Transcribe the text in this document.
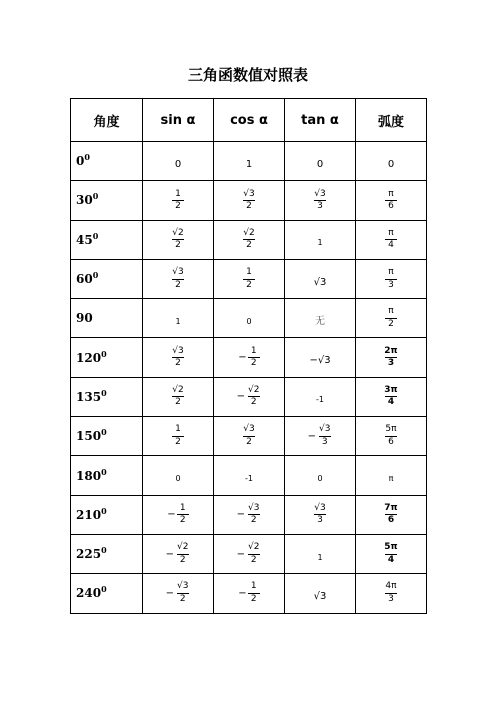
三角函数值对照表
角度	sin α	cos α	tan α	弧度
$0^0$	0	1	0	0
$30^0$	$\frac{1}{2}$	$\frac{√3}{2}$	$\frac{√3}{3}$	$\frac{\pi}{6}$

$45^0$	$\frac{√2}{2}$	$\frac{√2}{2}$	1	$\frac{\pi}{4}$

$60^0$	$\frac{√3}{2}$	$\frac{1}{2}$	√3	$\frac{\pi}{3}$

90	1	0	无	$\frac{\pi}{2}$

$120^0$	$\frac{√3}{2}$	− $\frac{1}{2}$	−√3	$\frac{2\pi}{3}$

$135^0$	$\frac{√2}{2}$	− $\frac{√2}{2}$	-1	$\frac{3\pi}{4}$

$150^0$	$\frac{1}{2}$	$\frac{√3}{2}$	− $\frac{√3}{3}$	$\frac{5\pi}{6}$

$180^0$	0	-1	0	π
$210^0$	− $\frac{1}{2}$	− $\frac{√3}{2}$	$\frac{√3}{3}$	$\frac{7\pi}{6}$

$225^0$	− $\frac{√2}{2}$	− $\frac{√2}{2}$	1	$\frac{5\pi}{4}$

$240^0$	− $\frac{√3}{2}$	− $\frac{1}{2}$	√3	$\frac{4\pi}{3}$
